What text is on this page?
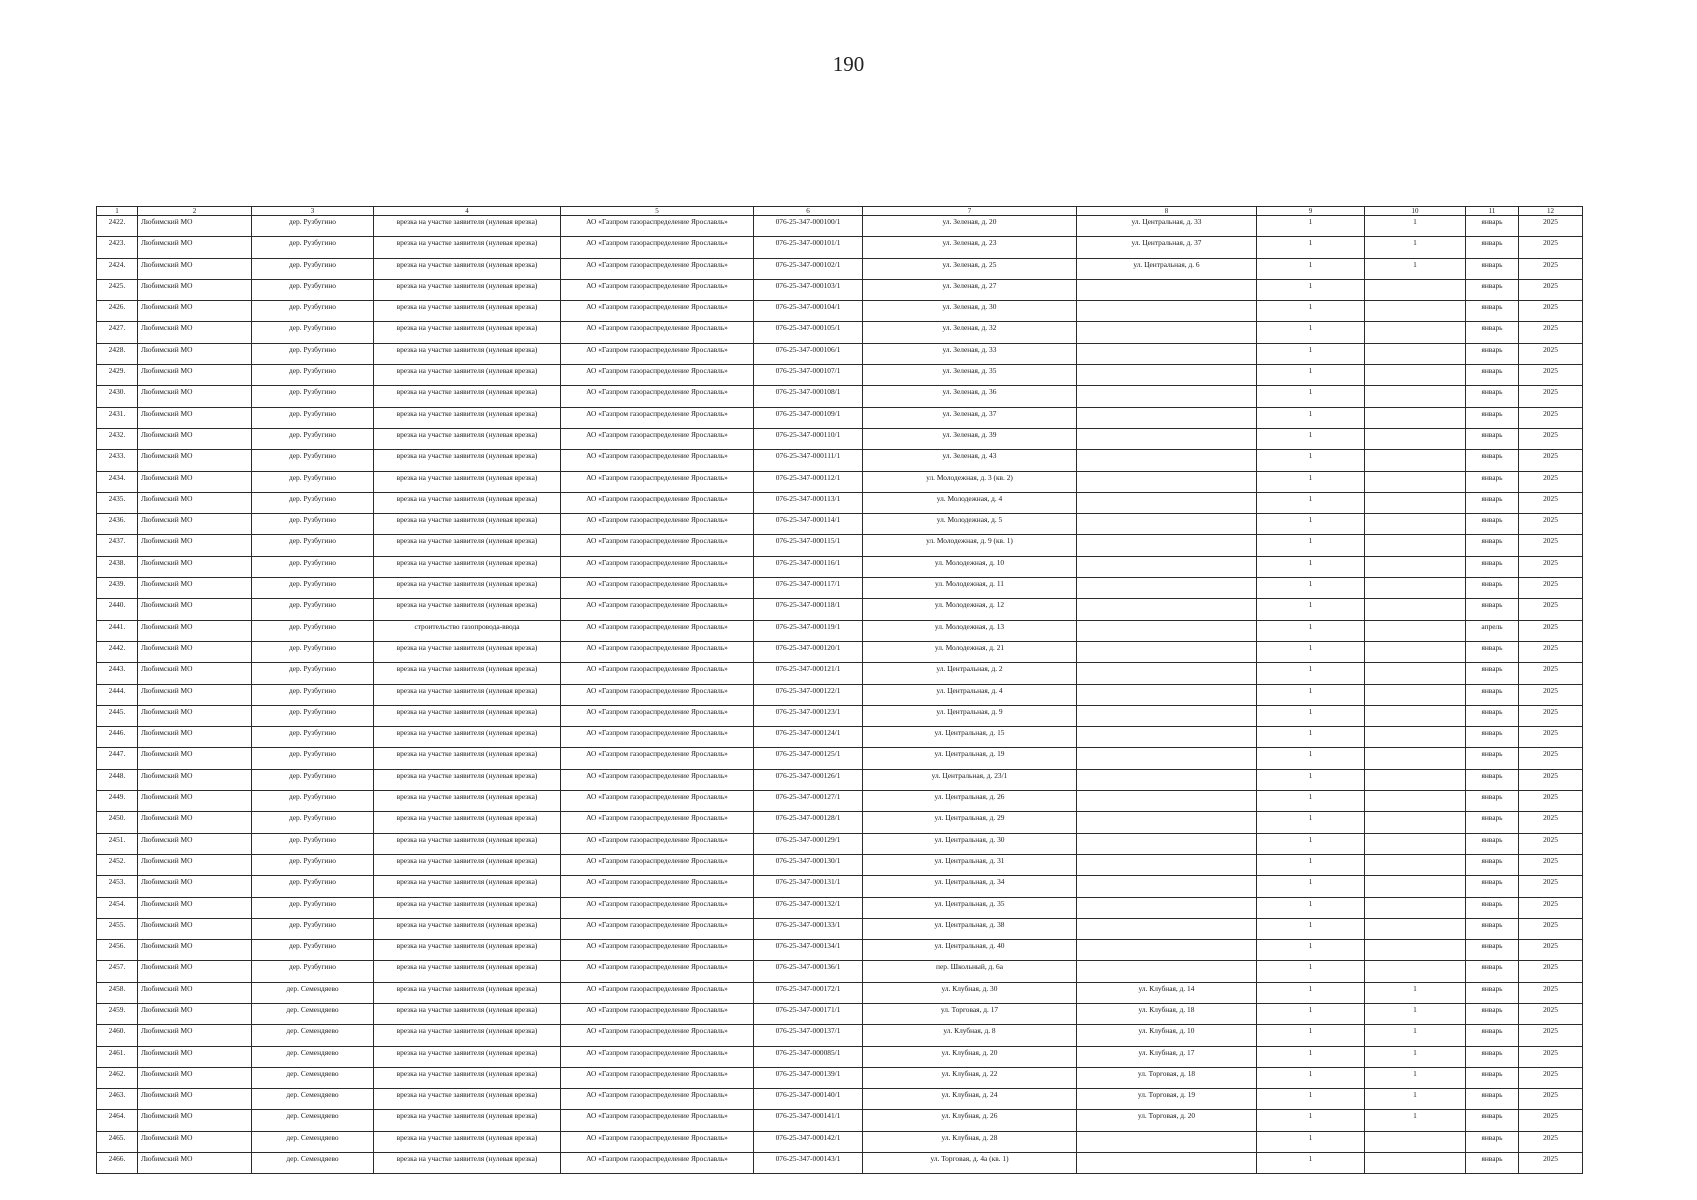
190
1	2	3	4	5	6	7	8	9	10	11	12
2422.	Любимский МО	дер. Рузбугино	врезка на участке заявителя (нулевая врезка)	АО «Газпром газораспределение Ярославль»	076-25-347-000100/1	ул. Зеленая, д. 20	ул. Центральная, д. 33	1	1	январь	2025
2423.	Любимский МО	дер. Рузбугино	врезка на участке заявителя (нулевая врезка)	АО «Газпром газораспределение Ярославль»	076-25-347-000101/1	ул. Зеленая, д. 23	ул. Центральная, д. 37	1	1	январь	2025
2424.	Любимский МО	дер. Рузбугино	врезка на участке заявителя (нулевая врезка)	АО «Газпром газораспределение Ярославль»	076-25-347-000102/1	ул. Зеленая, д. 25	ул. Центральная, д. 6	1	1	январь	2025
2425.	Любимский МО	дер. Рузбугино	врезка на участке заявителя (нулевая врезка)	АО «Газпром газораспределение Ярославль»	076-25-347-000103/1	ул. Зеленая, д. 27		1		январь	2025
2426.	Любимский МО	дер. Рузбугино	врезка на участке заявителя (нулевая врезка)	АО «Газпром газораспределение Ярославль»	076-25-347-000104/1	ул. Зеленая, д. 30		1		январь	2025
2427.	Любимский МО	дер. Рузбугино	врезка на участке заявителя (нулевая врезка)	АО «Газпром газораспределение Ярославль»	076-25-347-000105/1	ул. Зеленая, д. 32		1		январь	2025
2428.	Любимский МО	дер. Рузбугино	врезка на участке заявителя (нулевая врезка)	АО «Газпром газораспределение Ярославль»	076-25-347-000106/1	ул. Зеленая, д. 33		1		январь	2025
2429.	Любимский МО	дер. Рузбугино	врезка на участке заявителя (нулевая врезка)	АО «Газпром газораспределение Ярославль»	076-25-347-000107/1	ул. Зеленая, д. 35		1		январь	2025
2430.	Любимский МО	дер. Рузбугино	врезка на участке заявителя (нулевая врезка)	АО «Газпром газораспределение Ярославль»	076-25-347-000108/1	ул. Зеленая, д. 36		1		январь	2025
2431.	Любимский МО	дер. Рузбугино	врезка на участке заявителя (нулевая врезка)	АО «Газпром газораспределение Ярославль»	076-25-347-000109/1	ул. Зеленая, д. 37		1		январь	2025
2432.	Любимский МО	дер. Рузбугино	врезка на участке заявителя (нулевая врезка)	АО «Газпром газораспределение Ярославль»	076-25-347-000110/1	ул. Зеленая, д. 39		1		январь	2025
2433.	Любимский МО	дер. Рузбугино	врезка на участке заявителя (нулевая врезка)	АО «Газпром газораспределение Ярославль»	076-25-347-000111/1	ул. Зеленая, д. 43		1		январь	2025
2434.	Любимский МО	дер. Рузбугино	врезка на участке заявителя (нулевая врезка)	АО «Газпром газораспределение Ярославль»	076-25-347-000112/1	ул. Молодежная, д. 3 (кв. 2)		1		январь	2025
2435.	Любимский МО	дер. Рузбугино	врезка на участке заявителя (нулевая врезка)	АО «Газпром газораспределение Ярославль»	076-25-347-000113/1	ул. Молодежная, д. 4		1		январь	2025
2436.	Любимский МО	дер. Рузбугино	врезка на участке заявителя (нулевая врезка)	АО «Газпром газораспределение Ярославль»	076-25-347-000114/1	ул. Молодежная, д. 5		1		январь	2025
2437.	Любимский МО	дер. Рузбугино	врезка на участке заявителя (нулевая врезка)	АО «Газпром газораспределение Ярославль»	076-25-347-000115/1	ул. Молодежная, д. 9 (кв. 1)		1		январь	2025
2438.	Любимский МО	дер. Рузбугино	врезка на участке заявителя (нулевая врезка)	АО «Газпром газораспределение Ярославль»	076-25-347-000116/1	ул. Молодежная, д. 10		1		январь	2025
2439.	Любимский МО	дер. Рузбугино	врезка на участке заявителя (нулевая врезка)	АО «Газпром газораспределение Ярославль»	076-25-347-000117/1	ул. Молодежная, д. 11		1		январь	2025
2440.	Любимский МО	дер. Рузбугино	врезка на участке заявителя (нулевая врезка)	АО «Газпром газораспределение Ярославль»	076-25-347-000118/1	ул. Молодежная, д. 12		1		январь	2025
2441.	Любимский МО	дер. Рузбугино	строительство газопровода-ввода	АО «Газпром газораспределение Ярославль»	076-25-347-000119/1	ул. Молодежная, д. 13		1		апрель	2025
2442.	Любимский МО	дер. Рузбугино	врезка на участке заявителя (нулевая врезка)	АО «Газпром газораспределение Ярославль»	076-25-347-000120/1	ул. Молодежная, д. 21		1		январь	2025
2443.	Любимский МО	дер. Рузбугино	врезка на участке заявителя (нулевая врезка)	АО «Газпром газораспределение Ярославль»	076-25-347-000121/1	ул. Центральная, д. 2		1		январь	2025
2444.	Любимский МО	дер. Рузбугино	врезка на участке заявителя (нулевая врезка)	АО «Газпром газораспределение Ярославль»	076-25-347-000122/1	ул. Центральная, д. 4		1		январь	2025
2445.	Любимский МО	дер. Рузбугино	врезка на участке заявителя (нулевая врезка)	АО «Газпром газораспределение Ярославль»	076-25-347-000123/1	ул. Центральная, д. 9		1		январь	2025
2446.	Любимский МО	дер. Рузбугино	врезка на участке заявителя (нулевая врезка)	АО «Газпром газораспределение Ярославль»	076-25-347-000124/1	ул. Центральная, д. 15		1		январь	2025
2447.	Любимский МО	дер. Рузбугино	врезка на участке заявителя (нулевая врезка)	АО «Газпром газораспределение Ярославль»	076-25-347-000125/1	ул. Центральная, д. 19		1		январь	2025
2448.	Любимский МО	дер. Рузбугино	врезка на участке заявителя (нулевая врезка)	АО «Газпром газораспределение Ярославль»	076-25-347-000126/1	ул. Центральная, д. 23/1		1		январь	2025
2449.	Любимский МО	дер. Рузбугино	врезка на участке заявителя (нулевая врезка)	АО «Газпром газораспределение Ярославль»	076-25-347-000127/1	ул. Центральная, д. 26		1		январь	2025
2450.	Любимский МО	дер. Рузбугино	врезка на участке заявителя (нулевая врезка)	АО «Газпром газораспределение Ярославль»	076-25-347-000128/1	ул. Центральная, д. 29		1		январь	2025
2451.	Любимский МО	дер. Рузбугино	врезка на участке заявителя (нулевая врезка)	АО «Газпром газораспределение Ярославль»	076-25-347-000129/1	ул. Центральная, д. 30		1		январь	2025
2452.	Любимский МО	дер. Рузбугино	врезка на участке заявителя (нулевая врезка)	АО «Газпром газораспределение Ярославль»	076-25-347-000130/1	ул. Центральная, д. 31		1		январь	2025
2453.	Любимский МО	дер. Рузбугино	врезка на участке заявителя (нулевая врезка)	АО «Газпром газораспределение Ярославль»	076-25-347-000131/1	ул. Центральная, д. 34		1		январь	2025
2454.	Любимский МО	дер. Рузбугино	врезка на участке заявителя (нулевая врезка)	АО «Газпром газораспределение Ярославль»	076-25-347-000132/1	ул. Центральная, д. 35		1		январь	2025
2455.	Любимский МО	дер. Рузбугино	врезка на участке заявителя (нулевая врезка)	АО «Газпром газораспределение Ярославль»	076-25-347-000133/1	ул. Центральная, д. 38		1		январь	2025
2456.	Любимский МО	дер. Рузбугино	врезка на участке заявителя (нулевая врезка)	АО «Газпром газораспределение Ярославль»	076-25-347-000134/1	ул. Центральная, д. 40		1		январь	2025
2457.	Любимский МО	дер. Рузбугино	врезка на участке заявителя (нулевая врезка)	АО «Газпром газораспределение Ярославль»	076-25-347-000136/1	пер. Школьный, д. 6а		1		январь	2025
2458.	Любимский МО	дер. Семендяево	врезка на участке заявителя (нулевая врезка)	АО «Газпром газораспределение Ярославль»	076-25-347-000172/1	ул. Клубная, д. 30	ул. Клубная, д. 14	1	1	январь	2025
2459.	Любимский МО	дер. Семендяево	врезка на участке заявителя (нулевая врезка)	АО «Газпром газораспределение Ярославль»	076-25-347-000171/1	ул. Торговая, д. 17	ул. Клубная, д. 18	1	1	январь	2025
2460.	Любимский МО	дер. Семендяево	врезка на участке заявителя (нулевая врезка)	АО «Газпром газораспределение Ярославль»	076-25-347-000137/1	ул. Клубная, д. 8	ул. Клубная, д. 10	1	1	январь	2025
2461.	Любимский МО	дер. Семендяево	врезка на участке заявителя (нулевая врезка)	АО «Газпром газораспределение Ярославль»	076-25-347-000085/1	ул. Клубная, д. 20	ул. Клубная, д. 17	1	1	январь	2025
2462.	Любимский МО	дер. Семендяево	врезка на участке заявителя (нулевая врезка)	АО «Газпром газораспределение Ярославль»	076-25-347-000139/1	ул. Клубная, д. 22	ул. Торговая, д. 18	1	1	январь	2025
2463.	Любимский МО	дер. Семендяево	врезка на участке заявителя (нулевая врезка)	АО «Газпром газораспределение Ярославль»	076-25-347-000140/1	ул. Клубная, д. 24	ул. Торговая, д. 19	1	1	январь	2025
2464.	Любимский МО	дер. Семендяево	врезка на участке заявителя (нулевая врезка)	АО «Газпром газораспределение Ярославль»	076-25-347-000141/1	ул. Клубная, д. 26	ул. Торговая, д. 20	1	1	январь	2025
2465.	Любимский МО	дер. Семендяево	врезка на участке заявителя (нулевая врезка)	АО «Газпром газораспределение Ярославль»	076-25-347-000142/1	ул. Клубная, д. 28		1		январь	2025
2466.	Любимский МО	дер. Семендяево	врезка на участке заявителя (нулевая врезка)	АО «Газпром газораспределение Ярославль»	076-25-347-000143/1	ул. Торговая, д. 4а (кв. 1)		1		январь	2025
